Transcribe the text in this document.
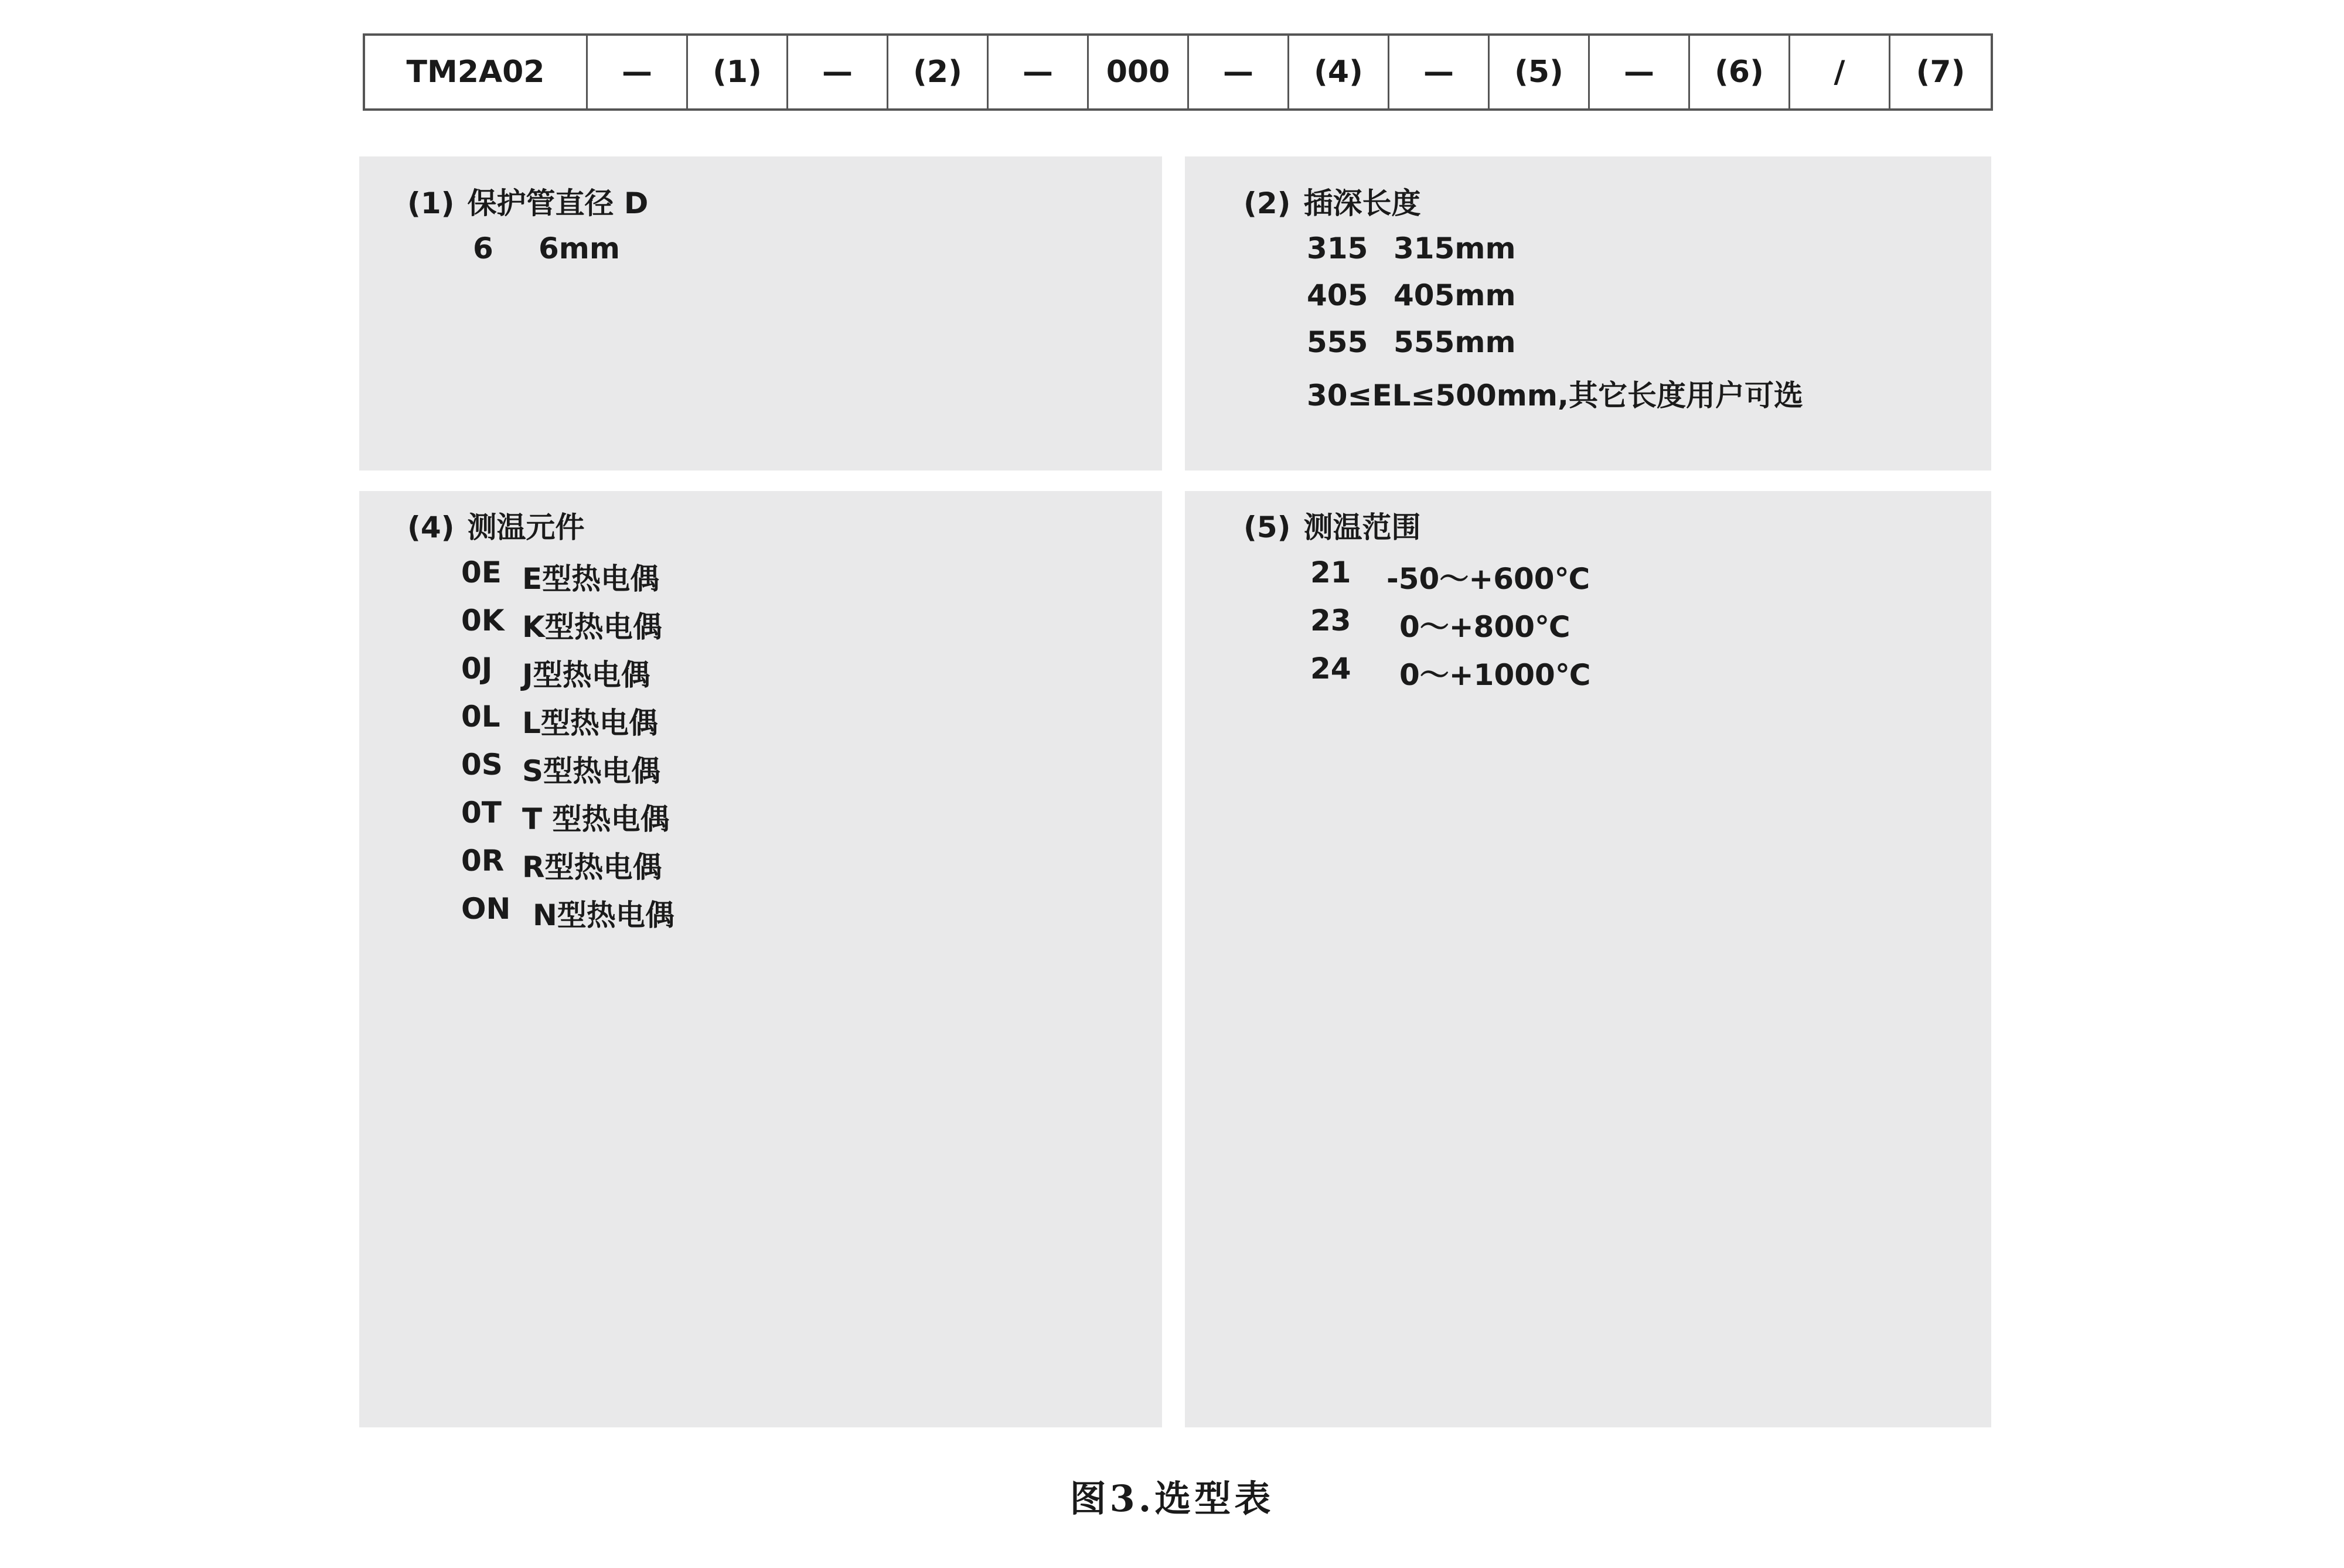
TM2A02	—	(1)	—	(2)	—	000	—	(4)	—	(5)	—	(6)	/	(7)
(1) 保护管直径 D
6	6mm
(2) 插深长度
315 315mm
405 405mm
555 555mm
30≤EL≤500mm,其它长度用户可选
(4) 测温元件
0E E型热电偶
0K K型热电偶
0J	J型热电偶
0L L型热电偶
0S S型热电偶
0T T 型热电偶
0R R型热电偶
ON N型热电偶
(5) 测温范围
21	-50～+600℃
23	0～+800℃
24	0～+1000℃
图3.选型表
